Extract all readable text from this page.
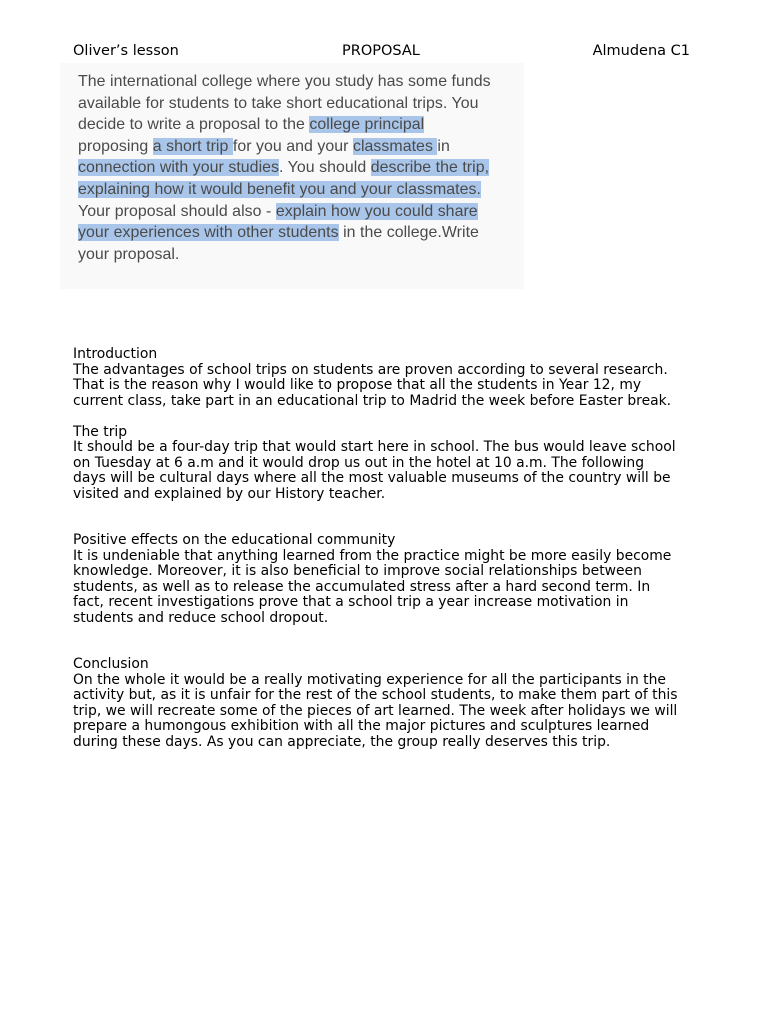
Oliver’s lesson	PROPOSAL	Almudena C1

The international college where you study has some funds
available for students to take short educational trips. You
decide to write a proposal to the college principal
proposing a short trip for you and your classmates in
connection with your studies. You should describe the trip,
explaining how it would benefit you and your classmates.
Your proposal should also - explain how you could share
your experiences with other students in the college.Write
your proposal.

Introduction
The advantages of school trips on students are proven according to several research.
That is the reason why I would like to propose that all the students in Year 12, my
current class, take part in an educational trip to Madrid the week before Easter break.
The trip
It should be a four-day trip that would start here in school. The bus would leave school
on Tuesday at 6 a.m and it would drop us out in the hotel at 10 a.m. The following
days will be cultural days where all the most valuable museums of the country will be
visited and explained by our History teacher.
Positive effects on the educational community
It is undeniable that anything learned from the practice might be more easily become
knowledge. Moreover, it is also beneficial to improve social relationships between
students, as well as to release the accumulated stress after a hard second term. In
fact, recent investigations prove that a school trip a year increase motivation in
students and reduce school dropout.
Conclusion
On the whole it would be a really motivating experience for all the participants in the
activity but, as it is unfair for the rest of the school students, to make them part of this
trip, we will recreate some of the pieces of art learned. The week after holidays we will
prepare a humongous exhibition with all the major pictures and sculptures learned
during these days. As you can appreciate, the group really deserves this trip.
